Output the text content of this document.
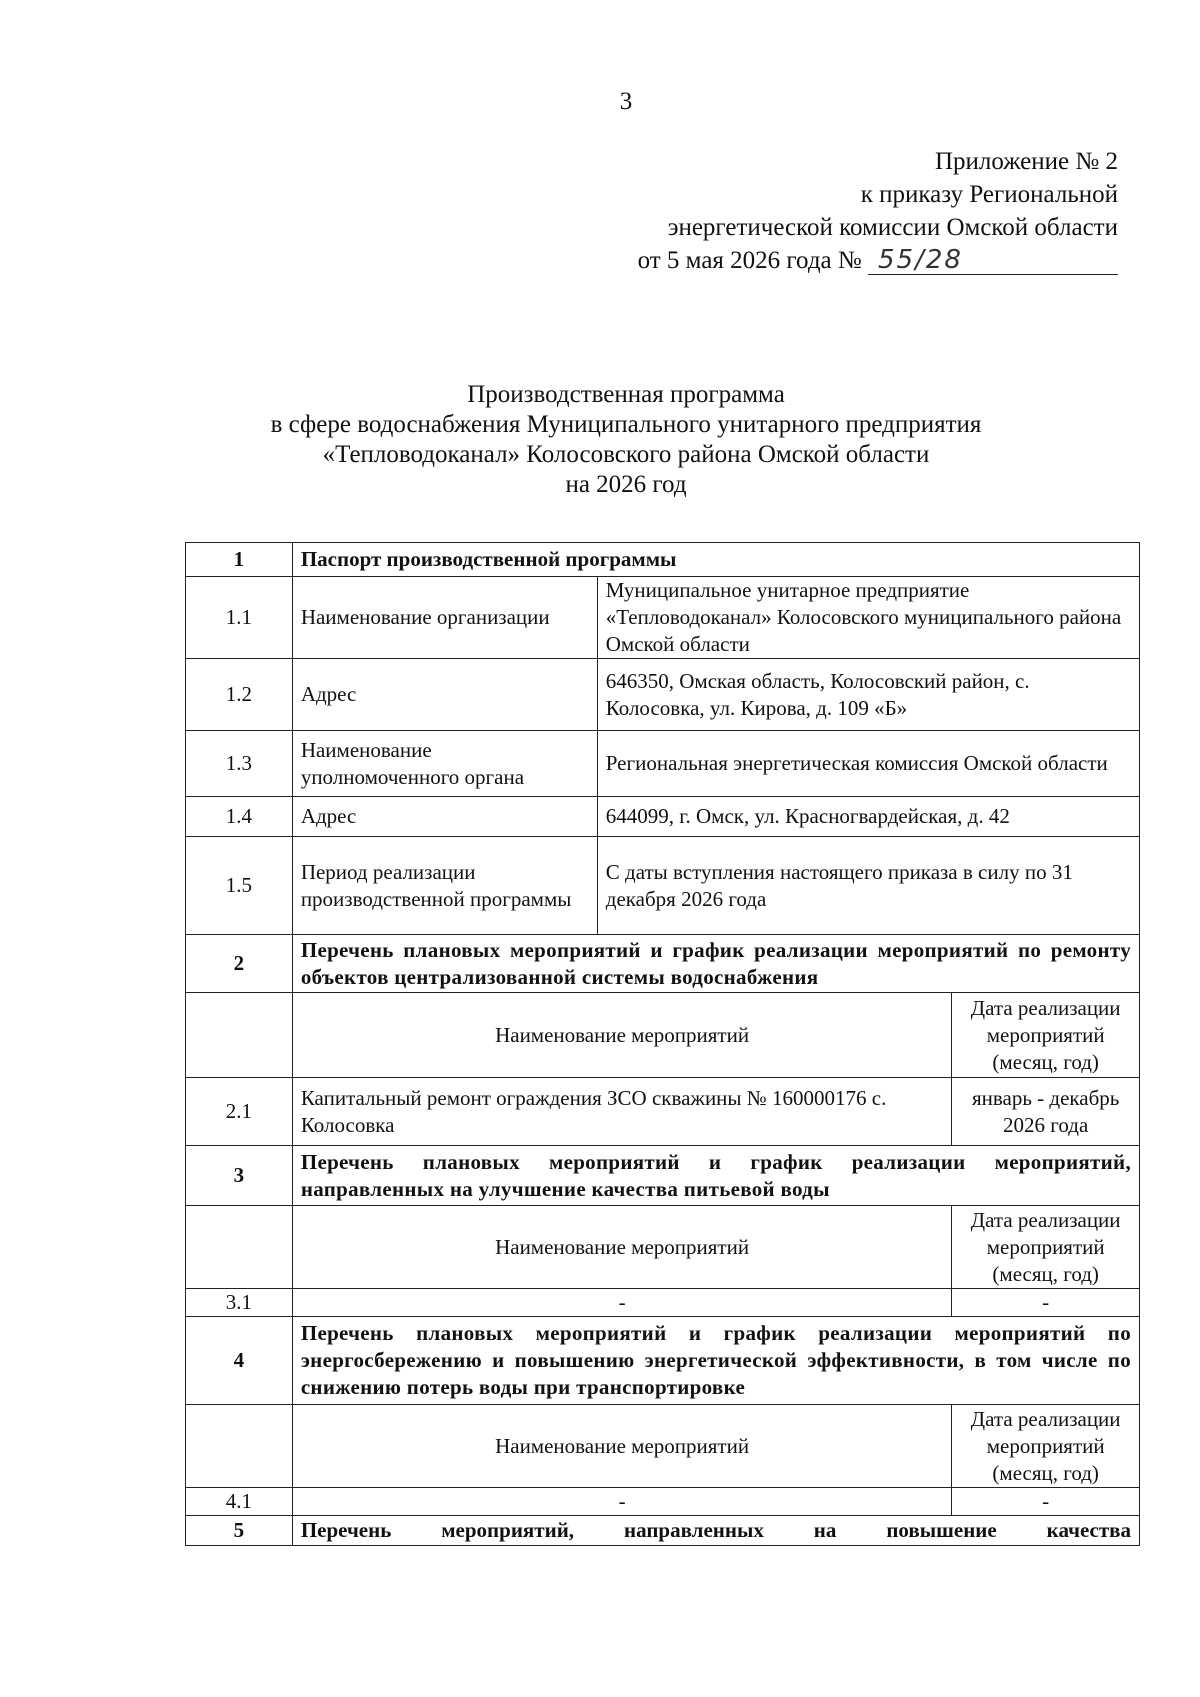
3
Приложение № 2
к приказу Региональной
энергетической комиссии Омской области
от 5 мая 2026 года № 55/28
Производственная программа
в сфере водоснабжения Муниципального унитарного предприятия
«Тепловодоканал» Колосовского района Омской области
на 2026 год
1	Паспорт производственной программы		
1.1	Наименование организации	Муниципальное унитарное предприятие «Тепловодоканал» Колосовского муниципального района Омской области	
1.2	Адрес	646350, Омская область, Колосовский район, с. Колосовка, ул. Кирова, д. 109 «Б»	
1.3	Наименование уполномоченного органа	Региональная энергетическая комиссия Омской области	
1.4	Адрес	644099, г. Омск, ул. Красногвардейская, д. 42	
1.5	Период реализации производственной программы	С даты вступления настоящего приказа в силу по 31 декабря 2026 года	
2	Перечень плановых мероприятий и график реализации мероприятий по ремонту объектов централизованной системы водоснабжения		
	Наименование мероприятий		Дата реализации мероприятий (месяц, год)
2.1	Капитальный ремонт ограждения ЗСО скважины № 160000176 с. Колосовка		январь - декабрь 2026 года
3	Перечень плановых мероприятий и график реализации мероприятий, направленных на улучшение качества питьевой воды		
	Наименование мероприятий		Дата реализации мероприятий (месяц, год)
3.1	-		-
4	Перечень плановых мероприятий и график реализации мероприятий по энергосбережению и повышению энергетической эффективности, в том числе по снижению потерь воды при транспортировке		
	Наименование мероприятий		Дата реализации мероприятий (месяц, год)
4.1	-		-
5	Перечень мероприятий, направленных на повышение качества		
